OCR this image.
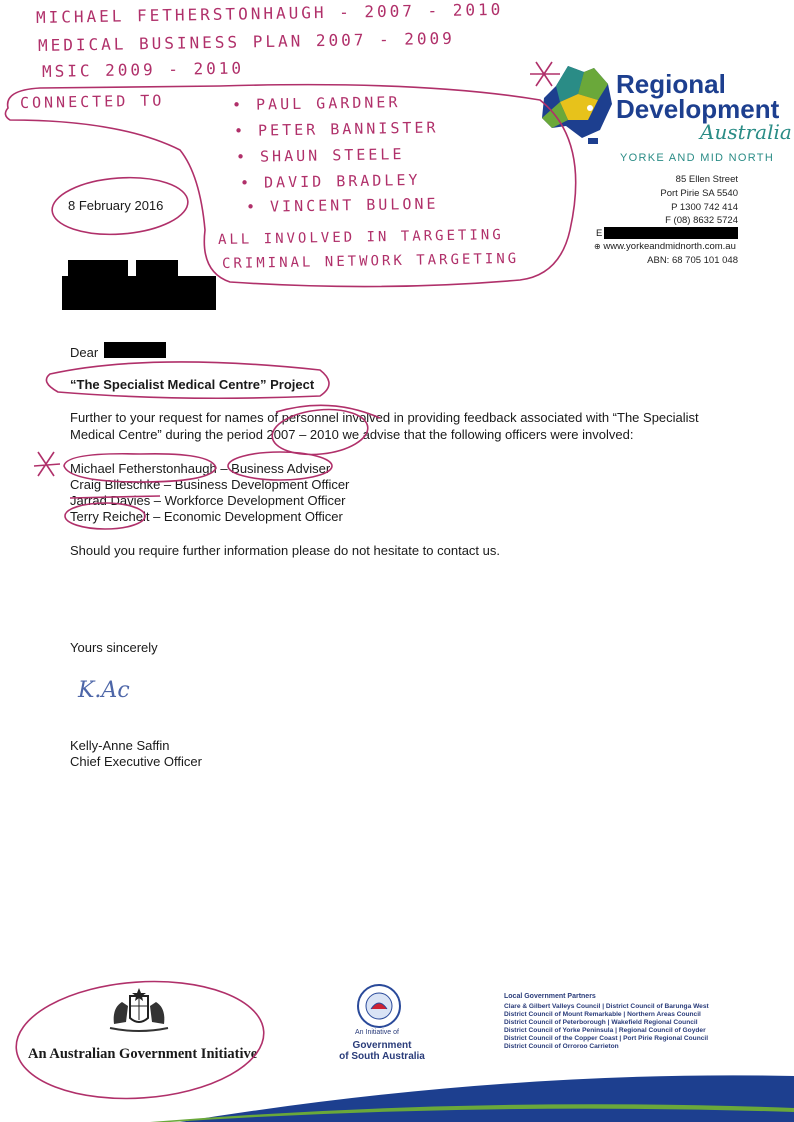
MICHAEL FETHERSTONHAUGH - 2007 - 2010
MEDICAL BUSINESS PLAN 2007 - 2009
MSIC 2009 - 2010
CONNECTED TO	• PAUL GARDNER
• PETER BANNISTER
• SHAUN STEELE
• DAVID BRADLEY
• VINCENT BULONE
ALL INVOLVED IN TARGETING
CRIMINAL NETWORK TARGETING
Regional
Development
Australia
YORKE AND MID NORTH
85 Ellen Street
Port Pirie SA 5540
P 1300 742 414
F (08) 8632 5724
E
⊕ www.yorkeandmidnorth.com.au
ABN: 68 705 101 048
8 February 2016
Dear
“The Specialist Medical Centre” Project
Further to your request for names of personnel involved in providing feedback associated with “The Specialist
Medical Centre” during the period 2007 – 2010 we advise that the following officers were involved:
Michael Fetherstonhaugh – Business Adviser
Craig Bileschke – Business Development Officer
Jarrad Davies – Workforce Development Officer
Terry Reichelt – Economic Development Officer
Should you require further information please do not hesitate to contact us.
Yours sincerely
K.Ac
Kelly-Anne Saffin
Chief Executive Officer
An Australian Government Initiative
An Initiative of
Government
of South Australia
Local Government Partners
Clare & Gilbert Valleys Council | District Council of Barunga West
District Council of Mount Remarkable | Northern Areas Council
District Council of Peterborough | Wakefield Regional Council
District Council of Yorke Peninsula | Regional Council of Goyder
District Council of the Copper Coast | Port Pirie Regional Council
District Council of Orroroo Carrieton
